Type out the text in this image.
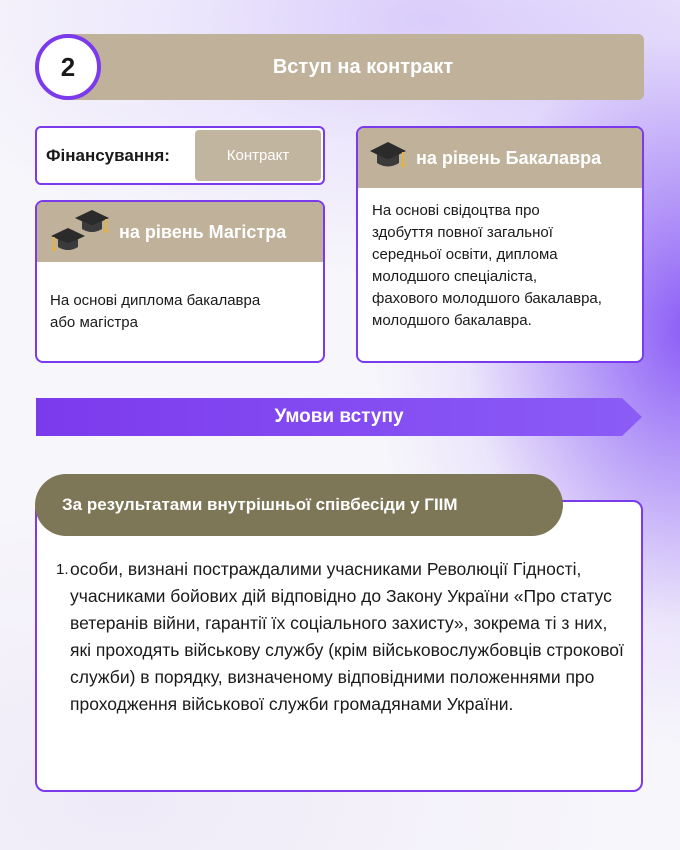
Вступ на контракт
2
Фінансування:	Контракт
на рівень Магістра
На основі диплома бакалавра або магістра
на рівень Бакалавра
На основі свідоцтва про здобуття повної загальної середньої освіти, диплома молодшого спеціаліста, фахового молодшого бакалавра, молодшого бакалавра.
Умови вступу
За результатами внутрішньої співбесіди у ГІІМ
1. особи, визнані постраждалими учасниками Революції Гідності, учасниками бойових дій відповідно до Закону України «Про статус ветеранів війни, гарантії їх соціального захисту», зокрема ті з них, які проходять військову службу (крім військовослужбовців строкової служби) в порядку, визначеному відповідними положеннями про проходження військової служби громадянами України.
